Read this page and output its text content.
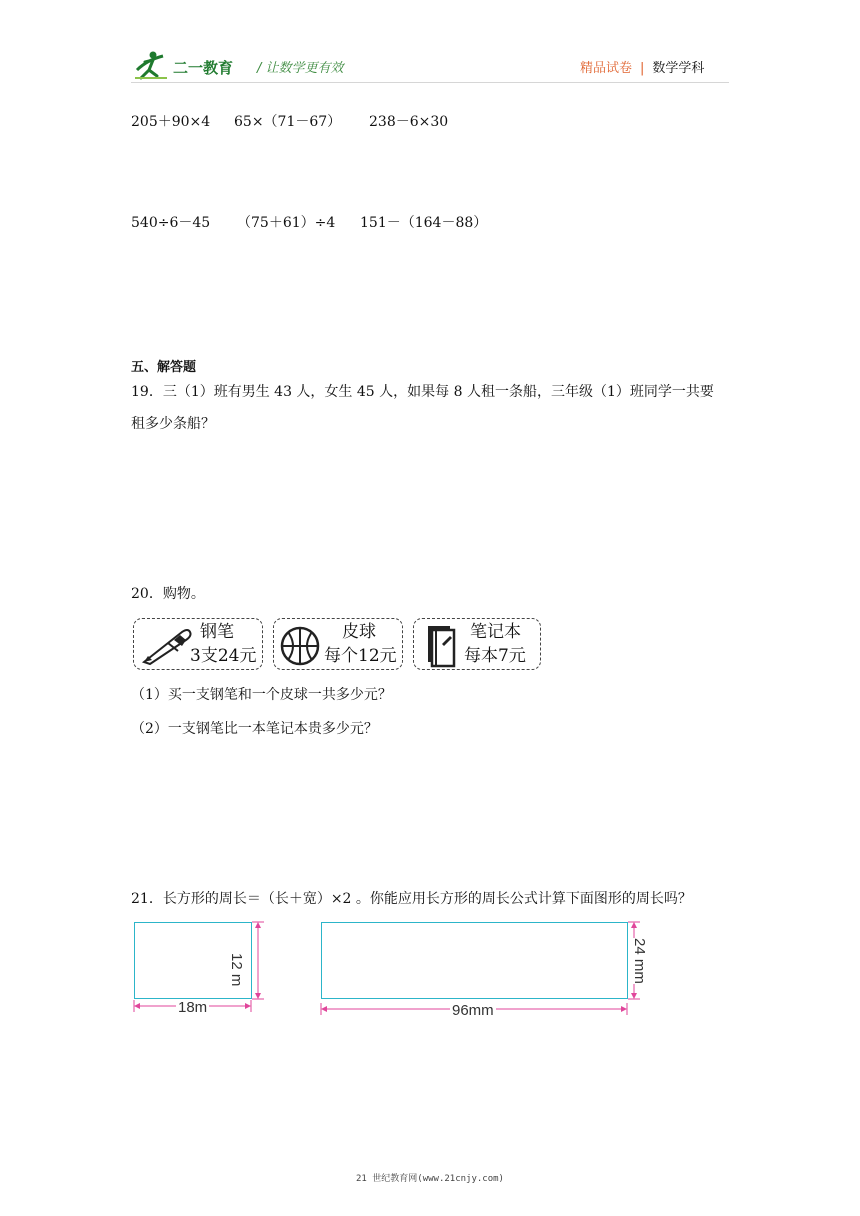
二一教育 / 让数学更有效	精品试卷 | 数学学科
205＋90×4 65×（71－67） 238－6×30
540÷6－45 （75＋61）÷4 151－（164－88）
五、解答题
19．三（1）班有男生 43 人，女生 45 人，如果每 8 人租一条船，三年级（1）班同学一共要
租多少条船？
20．购物。
钢笔
3支24元
皮球
每个12元
笔记本
每本7元
（1）买一支钢笔和一个皮球一共多少元？
（2）一支钢笔比一本笔记本贵多少元？
21．长方形的周长＝（长＋宽）×2 。你能应用长方形的周长公式计算下面图形的周长吗？
18m
12 m
96mm
24 mm
21 世纪教育网(www.21cnjy.com)
